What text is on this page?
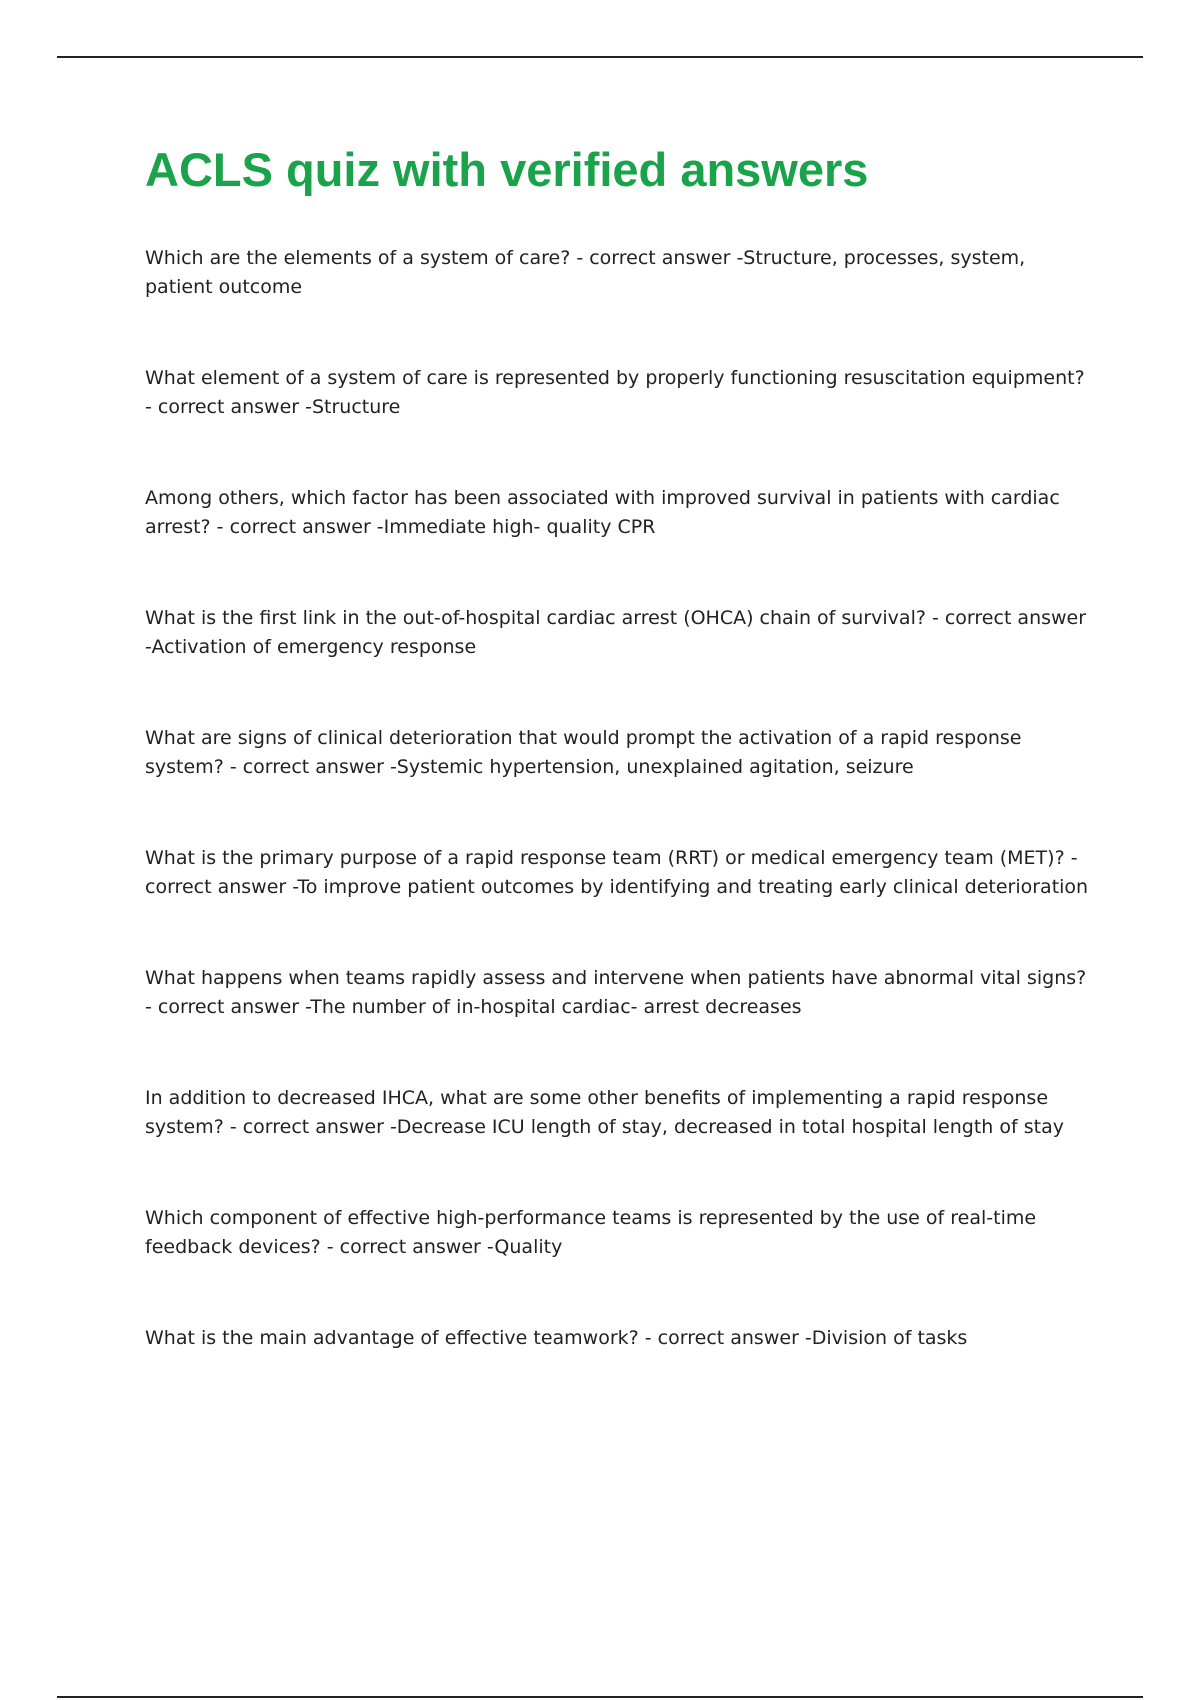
ACLS quiz with verified answers
Which are the elements of a system of care? - correct answer -Structure, processes, system, patient outcome
What element of a system of care is represented by properly functioning resuscitation equipment? - correct answer -Structure
Among others, which factor has been associated with improved survival in patients with cardiac arrest? - correct answer -Immediate high- quality CPR
What is the first link in the out-of-hospital cardiac arrest (OHCA) chain of survival? - correct answer -Activation of emergency response
What are signs of clinical deterioration that would prompt the activation of a rapid response system? - correct answer -Systemic hypertension, unexplained agitation, seizure
What is the primary purpose of a rapid response team (RRT) or medical emergency team (MET)? - correct answer -To improve patient outcomes by identifying and treating early clinical deterioration
What happens when teams rapidly assess and intervene when patients have abnormal vital signs? - correct answer -The number of in-hospital cardiac- arrest decreases
In addition to decreased IHCA, what are some other benefits of implementing a rapid response system? - correct answer -Decrease ICU length of stay, decreased in total hospital length of stay
Which component of effective high-performance teams is represented by the use of real-time feedback devices? - correct answer -Quality
What is the main advantage of effective teamwork? - correct answer -Division of tasks
